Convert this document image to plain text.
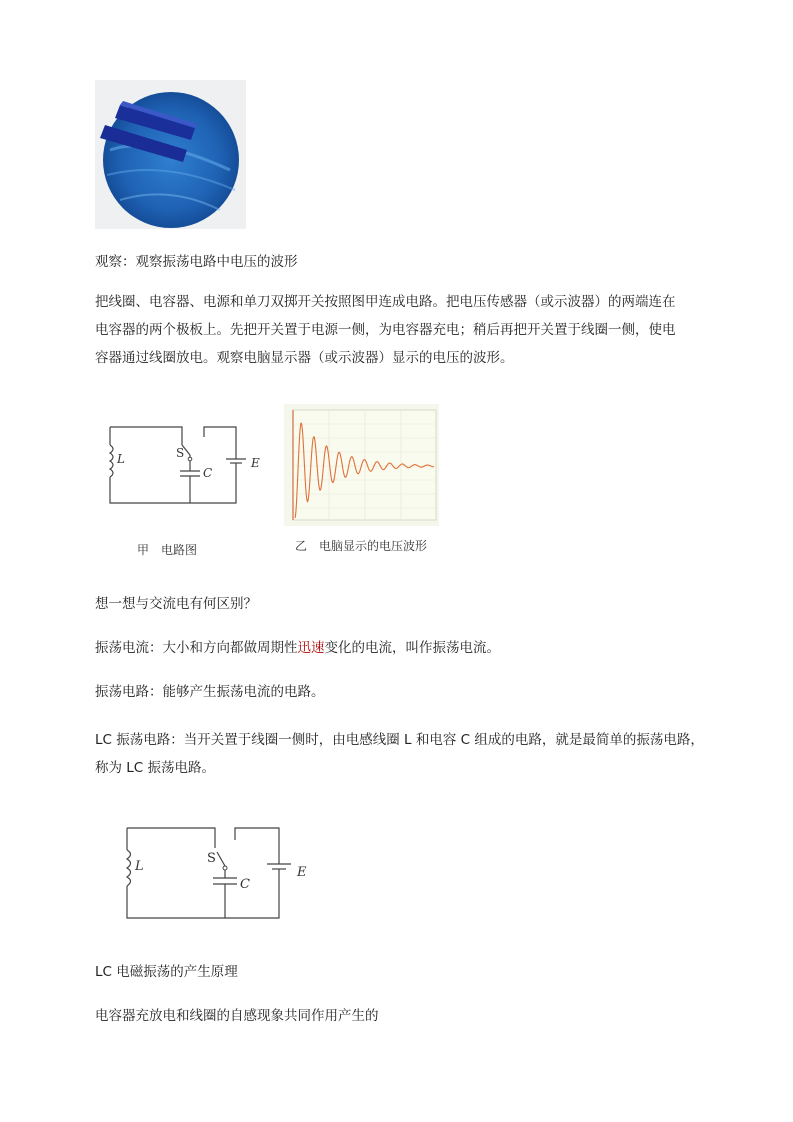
观察：观察振荡电路中电压的波形
把线圈、电容器、电源和单刀双掷开关按照图甲连成电路。把电压传感器（或示波器）的两端连在
电容器的两个极板上。先把开关置于电源一侧，为电容器充电；稍后再把开关置于线圈一侧，使电
容器通过线圈放电。观察电脑显示器（或示波器）显示的电压的波形。
L	S
C
E
甲　电路图	乙　电脑显示的电压波形
想一想与交流电有何区别？
振荡电流：大小和方向都做周期性迅速变化的电流，叫作振荡电流。
振荡电路：能够产生振荡电流的电路。
LC 振荡电路：当开关置于线圈一侧时，由电感线圈 L 和电容 C 组成的电路，就是最简单的振荡电路，
称为 LC 振荡电路。
L
S
C
E
LC 电磁振荡的产生原理
电容器充放电和线圈的自感现象共同作用产生的
